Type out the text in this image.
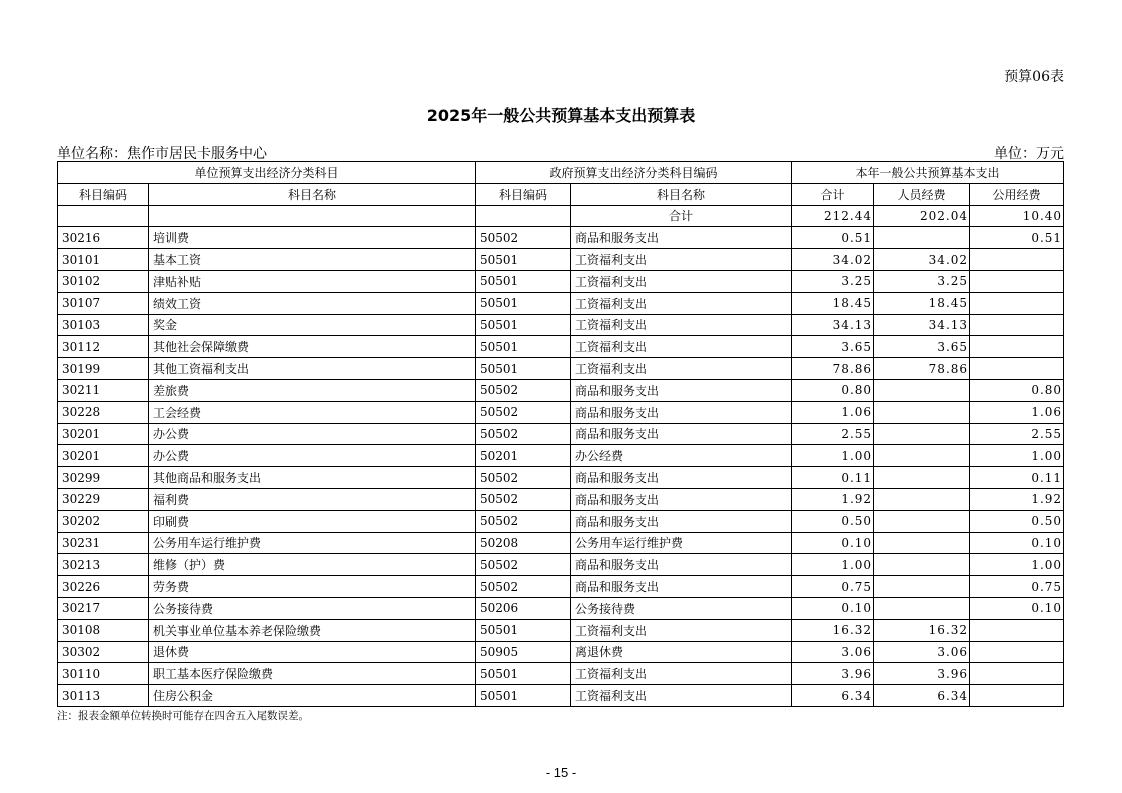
预算06表
2025年一般公共预算基本支出预算表
单位名称：焦作市居民卡服务中心	单位：万元
单位预算支出经济分类科目		政府预算支出经济分类科目编码		本年一般公共预算基本支出		
科目编码	科目名称	科目编码	科目名称	合计	人员经费	公用经费
			合计	212.44	202.04	10.40
30216	培训费	50502	商品和服务支出	0.51		0.51
30101	基本工资	50501	工资福利支出	34.02	34.02	
30102	津贴补贴	50501	工资福利支出	3.25	3.25	
30107	绩效工资	50501	工资福利支出	18.45	18.45	
30103	奖金	50501	工资福利支出	34.13	34.13	
30112	其他社会保障缴费	50501	工资福利支出	3.65	3.65	
30199	其他工资福利支出	50501	工资福利支出	78.86	78.86	
30211	差旅费	50502	商品和服务支出	0.80		0.80
30228	工会经费	50502	商品和服务支出	1.06		1.06
30201	办公费	50502	商品和服务支出	2.55		2.55
30201	办公费	50201	办公经费	1.00		1.00
30299	其他商品和服务支出	50502	商品和服务支出	0.11		0.11
30229	福利费	50502	商品和服务支出	1.92		1.92
30202	印刷费	50502	商品和服务支出	0.50		0.50
30231	公务用车运行维护费	50208	公务用车运行维护费	0.10		0.10
30213	维修（护）费	50502	商品和服务支出	1.00		1.00
30226	劳务费	50502	商品和服务支出	0.75		0.75
30217	公务接待费	50206	公务接待费	0.10		0.10
30108	机关事业单位基本养老保险缴费	50501	工资福利支出	16.32	16.32	
30302	退休费	50905	离退休费	3.06	3.06	
30110	职工基本医疗保险缴费	50501	工资福利支出	3.96	3.96	
30113	住房公积金	50501	工资福利支出	6.34	6.34	
注：报表金额单位转换时可能存在四舍五入尾数误差。
- 15 -
